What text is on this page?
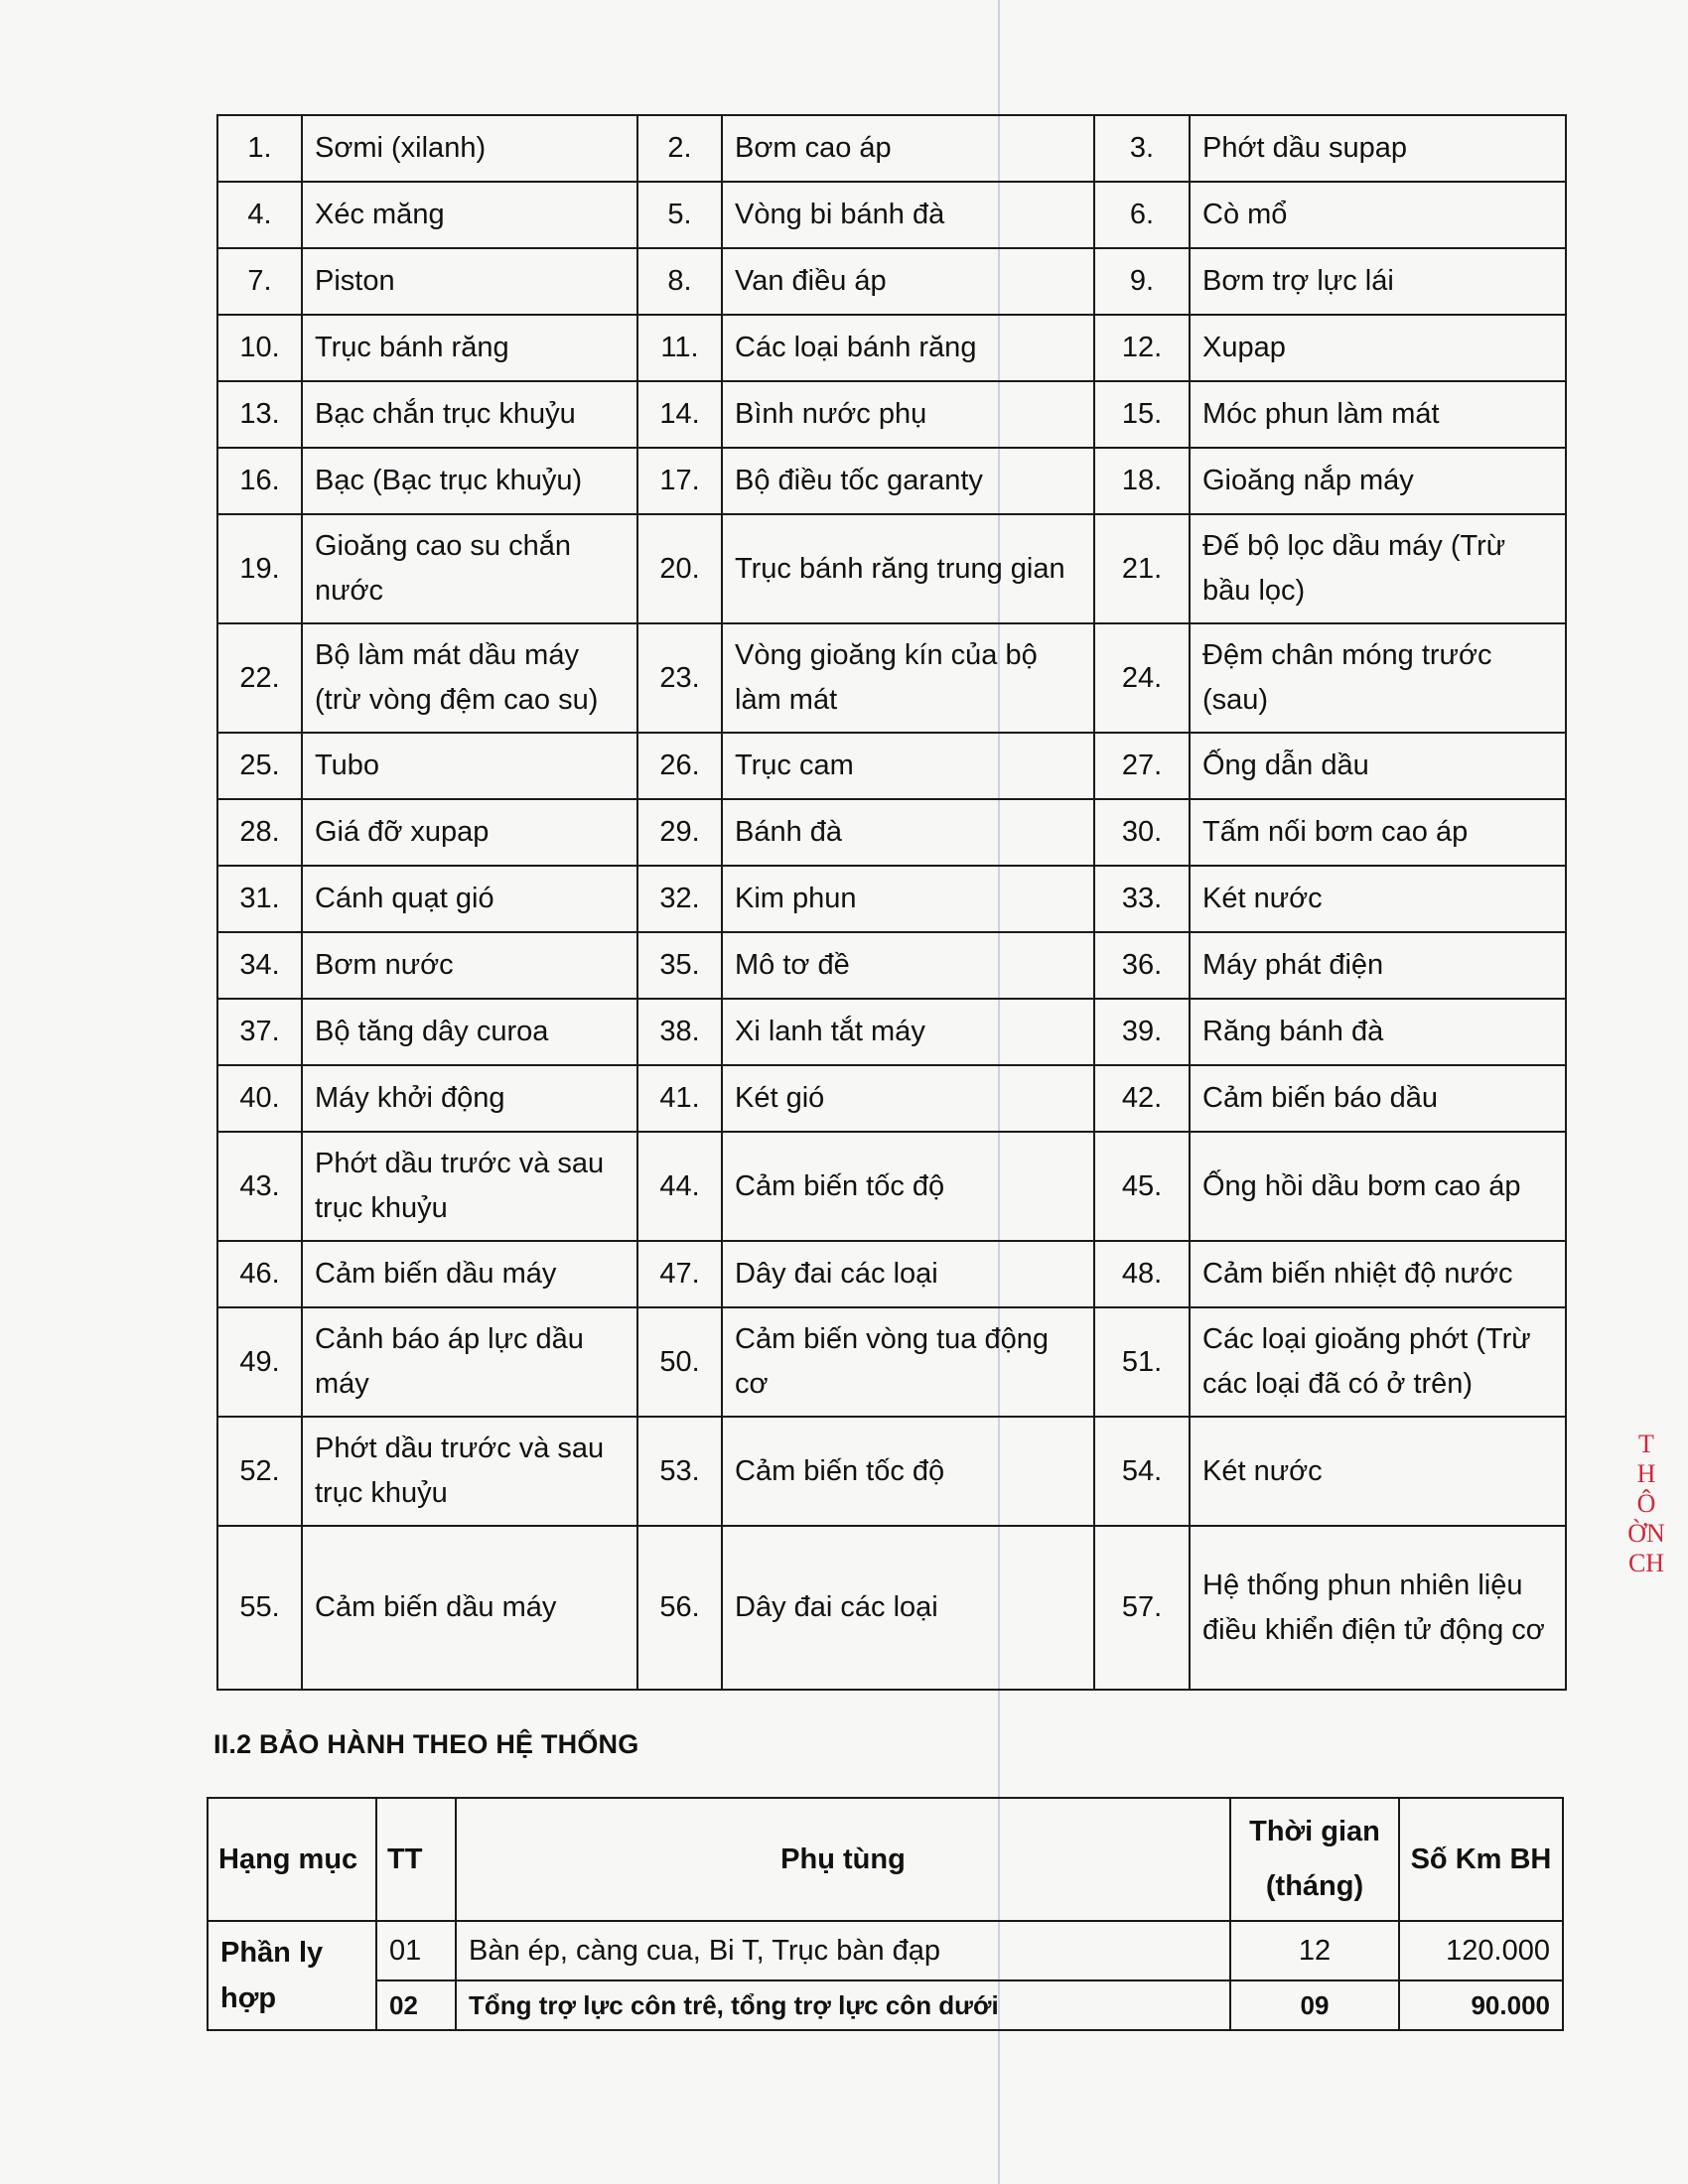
1.	Sơmi (xilanh)	2.	Bơm cao áp	3.	Phớt dầu supap
4.	Xéc măng	5.	Vòng bi bánh đà	6.	Cò mổ
7.	Piston	8.	Van điều áp	9.	Bơm trợ lực lái
10.	Trục bánh răng	11.	Các loại bánh răng	12.	Xupap
13.	Bạc chắn trục khuỷu	14.	Bình nước phụ	15.	Móc phun làm mát
16.	Bạc (Bạc trục khuỷu)	17.	Bộ điều tốc garanty	18.	Gioăng nắp máy
19.	Gioăng cao su chắn nước	20.	Trục bánh răng trung gian	21.	Đế bộ lọc dầu máy (Trừ bầu lọc)
22.	Bộ làm mát dầu máy (trừ vòng đệm cao su)	23.	Vòng gioăng kín của bộ làm mát	24.	Đệm chân móng trước (sau)
25.	Tubo	26.	Trục cam	27.	Ống dẫn dầu
28.	Giá đỡ xupap	29.	Bánh đà	30.	Tấm nối bơm cao áp
31.	Cánh quạt gió	32.	Kim phun	33.	Két nước
34.	Bơm nước	35.	Mô tơ đề	36.	Máy phát điện
37.	Bộ tăng dây curoa	38.	Xi lanh tắt máy	39.	Răng bánh đà
40.	Máy khởi động	41.	Két gió	42.	Cảm biến báo dầu
43.	Phớt dầu trước và sau trục khuỷu	44.	Cảm biến tốc độ	45.	Ống hồi dầu bơm cao áp
46.	Cảm biến dầu máy	47.	Dây đai các loại	48.	Cảm biến nhiệt độ nước
49.	Cảnh báo áp lực dầu máy	50.	Cảm biến vòng tua động cơ	51.	Các loại gioăng phớt (Trừ các loại đã có ở trên)
52.	Phớt dầu trước và sau trục khuỷu	53.	Cảm biến tốc độ	54.	Két nước
55.	Cảm biến dầu máy	56.	Dây đai các loại	57.	Hệ thống phun nhiên liệu điều khiển điện tử động cơ
II.2 BẢO HÀNH THEO HỆ THỐNG
Hạng mục	TT	Phụ tùng	Thời gian (tháng)	Số Km BH
Phần ly hợp	01	Bàn ép, càng cua, Bi T, Trục bàn đạp	12	120.000
	02	Tổng trợ lực côn trê, tổng trợ lực côn dưới	09	90.000
T
H
Ô
ỜN
CH
